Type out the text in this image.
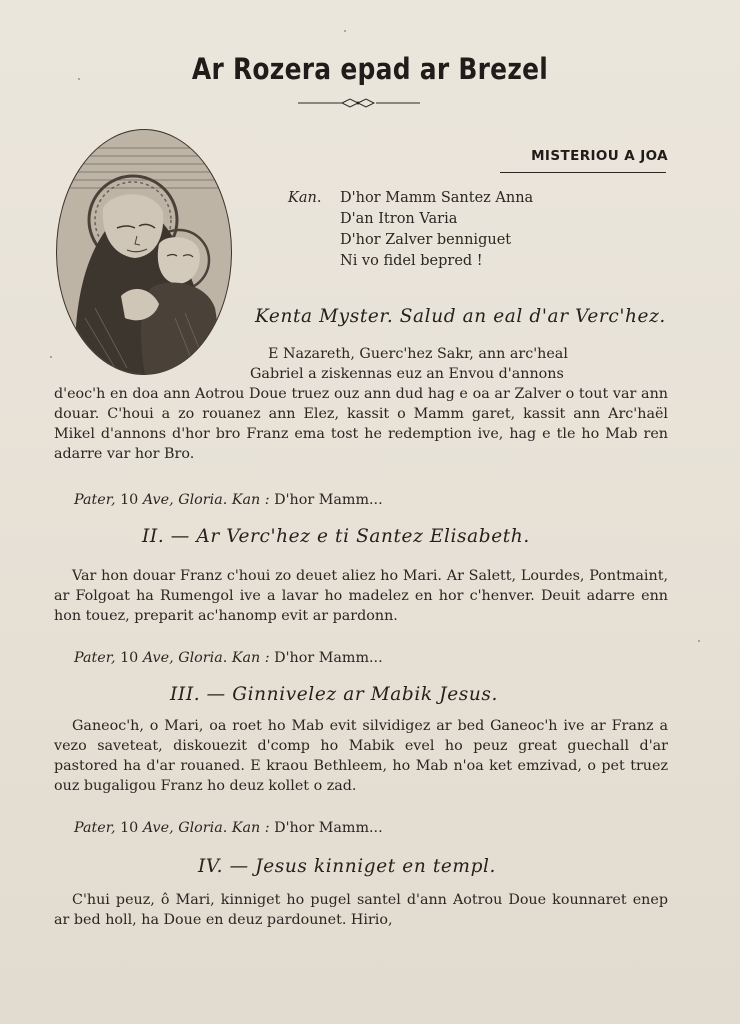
Ar Rozera epad ar Brezel
MISTERIOU A JOA
Kan.	D'hor Mamm Santez Anna
D'an Itron Varia
D'hor Zalver benniguet
Ni vo fidel bepred !
Kenta Myster. Salud an eal d'ar Verc'hez.
E Nazareth, Guerc'hez Sakr, ann arc'heal
Gabriel a ziskennas euz an Envou d'annons
d'eoc'h en doa ann Aotrou Doue truez ouz ann dud hag e oa ar Zalver o tout var ann douar. C'houi a zo rouanez ann Elez, kassit o Mamm garet, kassit ann Arc'haël Mikel d'annons d'hor bro Franz ema tost he redemption ive, hag e tle ho Mab ren adarre var hor Bro.
Pater, 10 Ave, Gloria. Kan : D'hor Mamm...
II. — Ar Verc'hez e ti Santez Elisabeth.
Var hon douar Franz c'houi zo deuet aliez ho Mari. Ar Salett, Lourdes, Pontmaint, ar Folgoat ha Rumengol ive a lavar ho madelez en hor c'henver. Deuit adarre enn hon touez, preparit ac'hanomp evit ar pardonn.
Pater, 10 Ave, Gloria. Kan : D'hor Mamm...
III. — Ginnivelez ar Mabik Jesus.
Ganeoc'h, o Mari, oa roet ho Mab evit silvidigez ar bed Ganeoc'h ive ar Franz a vezo saveteat, diskouezit d'comp ho Mabik evel ho peuz great guechall d'ar pastored ha d'ar rouaned. E kraou Bethleem, ho Mab n'oa ket emzivad, o pet truez ouz bugaligou Franz ho deuz kollet o zad.
Pater, 10 Ave, Gloria. Kan : D'hor Mamm...
IV. — Jesus kinniget en templ.
C'hui peuz, ô Mari, kinniget ho pugel santel d'ann Aotrou Doue kounnaret enep ar bed holl, ha Doue en deuz pardounet. Hirio,
